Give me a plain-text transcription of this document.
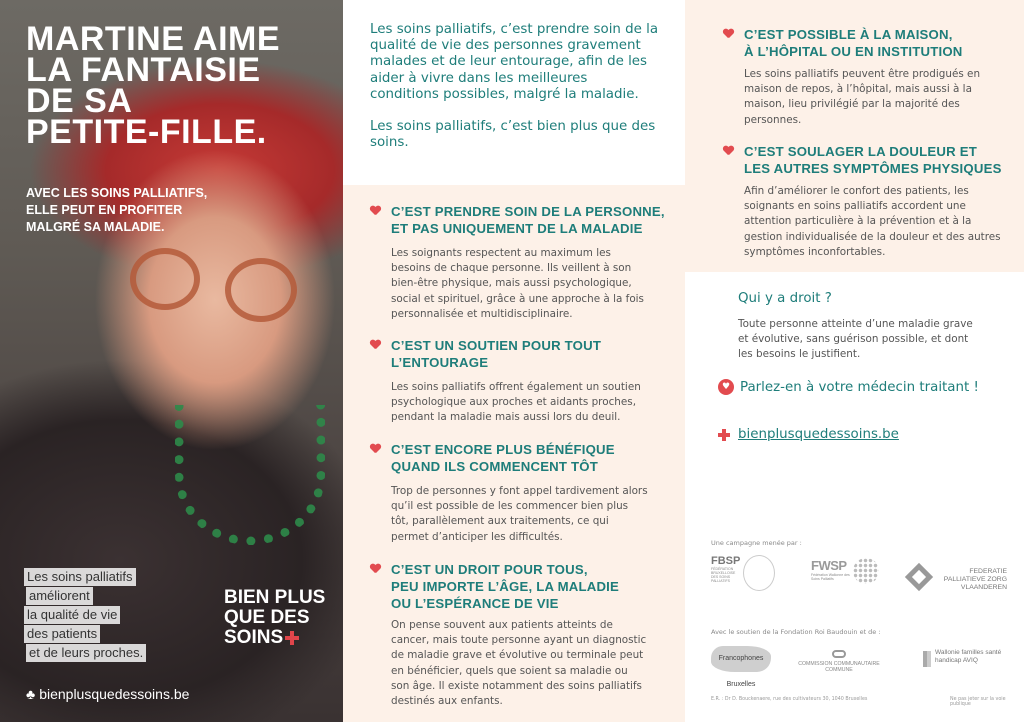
MARTINE AIME
LA FANTAISIE
DE SA
PETITE-FILLE.
AVEC LES SOINS PALLIATIFS,
ELLE PEUT EN PROFITER
MALGRÉ SA MALADIE.
Les soins palliatifs
améliorent
la qualité de vie
des patients
et de leurs proches.
BIEN PLUS
QUE DES
SOINS
♣ bienplusquedessoins.be

Les soins palliatifs, c’est prendre soin de la qualité de vie des personnes gravement malades et de leur entourage, afin de les aider à vivre dans les meilleures conditions possibles, malgré la maladie.

Les soins palliatifs, c’est bien plus que des soins.

C’EST PRENDRE SOIN DE LA PERSONNE,
ET PAS UNIQUEMENT DE LA MALADIE

Les soignants respectent au maximum les besoins de chaque personne. Ils veillent à son bien-être physique, mais aussi psychologique, social et spirituel, grâce à une approche à la fois personnalisée et multidisciplinaire.

C’EST UN SOUTIEN POUR TOUT
L’ENTOURAGE

Les soins palliatifs offrent également un soutien psychologique aux proches et aidants proches, pendant la maladie mais aussi lors du deuil.

C’EST ENCORE PLUS BÉNÉFIQUE
QUAND ILS COMMENCENT TÔT

Trop de personnes y font appel tardivement alors qu’il est possible de les commencer bien plus tôt, parallèlement aux traitements, ce qui permet d’anticiper les difficultés.

C’EST UN DROIT POUR TOUS,
PEU IMPORTE L’ÂGE, LA MALADIE
OU L’ESPÉRANCE DE VIE

On pense souvent aux patients atteints de cancer, mais toute personne ayant un diagnostic de maladie grave et évolutive ou terminale peut en bénéficier, quels que soient sa maladie ou son âge. Il existe notamment des soins palliatifs destinés aux enfants.

C’EST POSSIBLE À LA MAISON,
À L’HÔPITAL OU EN INSTITUTION

Les soins palliatifs peuvent être prodigués en maison de repos, à l’hôpital, mais aussi à la maison, lieu privilégié par la majorité des personnes.

C’EST SOULAGER LA DOULEUR ET
LES AUTRES SYMPTÔMES PHYSIQUES

Afin d’améliorer le confort des patients, les soignants en soins palliatifs accordent une attention particulière à la prévention et à la gestion individualisée de la douleur et des autres symptômes inconfortables.

Qui y a droit ?

Toute personne atteinte d’une maladie grave et évolutive, sans guérison possible, et dont les besoins le justifient.

♥ Parlez-en à votre médecin traitant !
bienplusquedessoins.be
Une campagne menée par :
FBSP
FÉDÉRATION BRUXELLOISE DES SOINS PALLIATIFS
FWSP
Fédération Wallonne des Soins Palliatifs
FEDERATIE PALLIATIEVE ZORG VLAANDEREN
Avec le soutien de la Fondation Roi Baudouin et de :
Francophones Bruxelles
COMMISSION COMMUNAUTAIRE COMMUNE
Wallonie familles santé handicap AVIQ
E.R. : Dr D. Bouckenaere, rue des cultivateurs 30, 1040 Bruxelles	Ne pas jeter sur la voie publique
